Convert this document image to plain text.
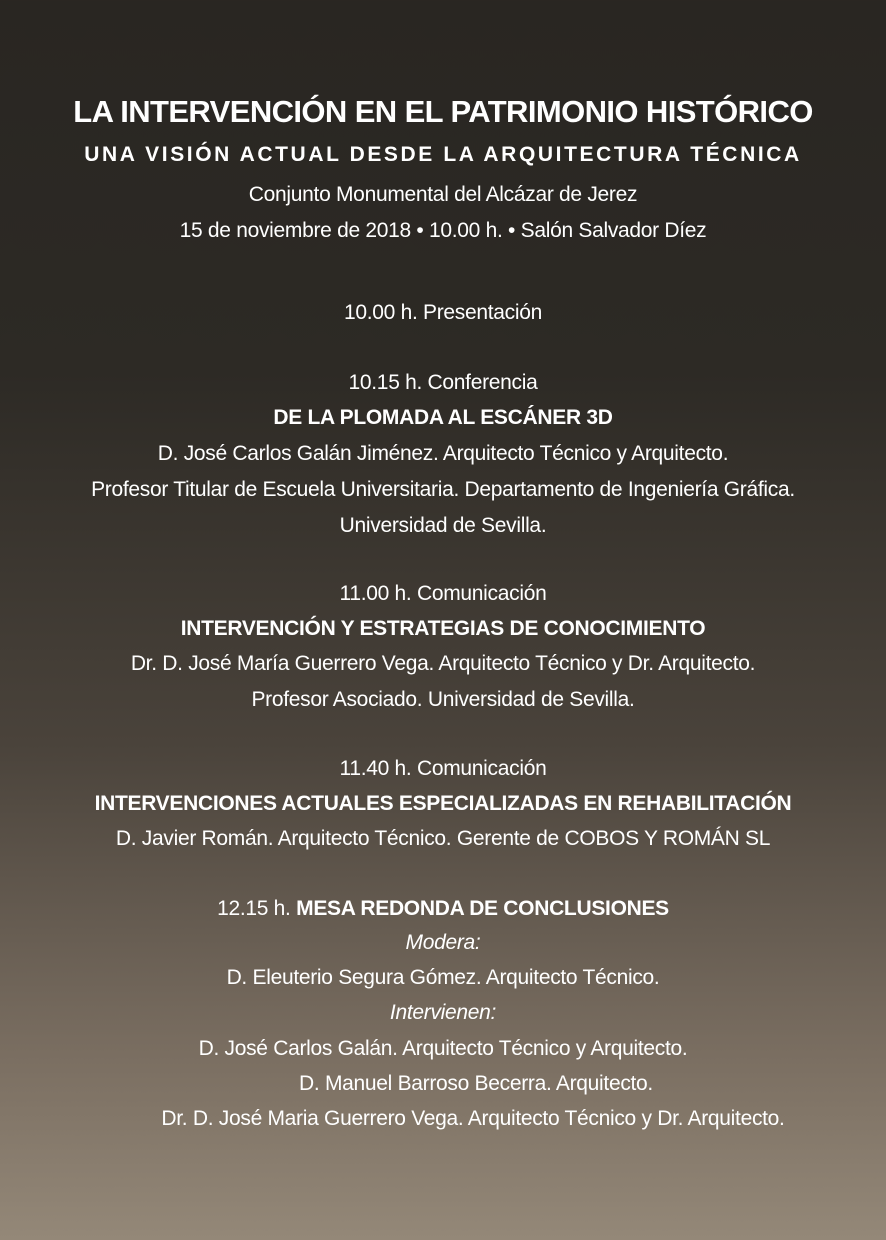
LA INTERVENCIÓN EN EL PATRIMONIO HISTÓRICO
UNA VISIÓN ACTUAL DESDE LA ARQUITECTURA TÉCNICA
Conjunto Monumental del Alcázar de Jerez
15 de noviembre de 2018 • 10.00 h. • Salón Salvador Díez
10.00 h. Presentación
10.15 h. Conferencia
DE LA PLOMADA AL ESCÁNER 3D
D. José Carlos Galán Jiménez. Arquitecto Técnico y Arquitecto.
Profesor Titular de Escuela Universitaria. Departamento de Ingeniería Gráfica.
Universidad de Sevilla.
11.00 h. Comunicación
INTERVENCIÓN Y ESTRATEGIAS DE CONOCIMIENTO
Dr. D. José María Guerrero Vega. Arquitecto Técnico y Dr. Arquitecto.
Profesor Asociado. Universidad de Sevilla.
11.40 h. Comunicación
INTERVENCIONES ACTUALES ESPECIALIZADAS EN REHABILITACIÓN
D. Javier Román. Arquitecto Técnico. Gerente de COBOS Y ROMÁN SL
12.15 h. MESA REDONDA DE CONCLUSIONES
Modera:
D. Eleuterio Segura Gómez. Arquitecto Técnico.
Intervienen:
D. José Carlos Galán. Arquitecto Técnico y Arquitecto.
D. Manuel Barroso Becerra. Arquitecto.
Dr. D. José Maria Guerrero Vega. Arquitecto Técnico y Dr. Arquitecto.
